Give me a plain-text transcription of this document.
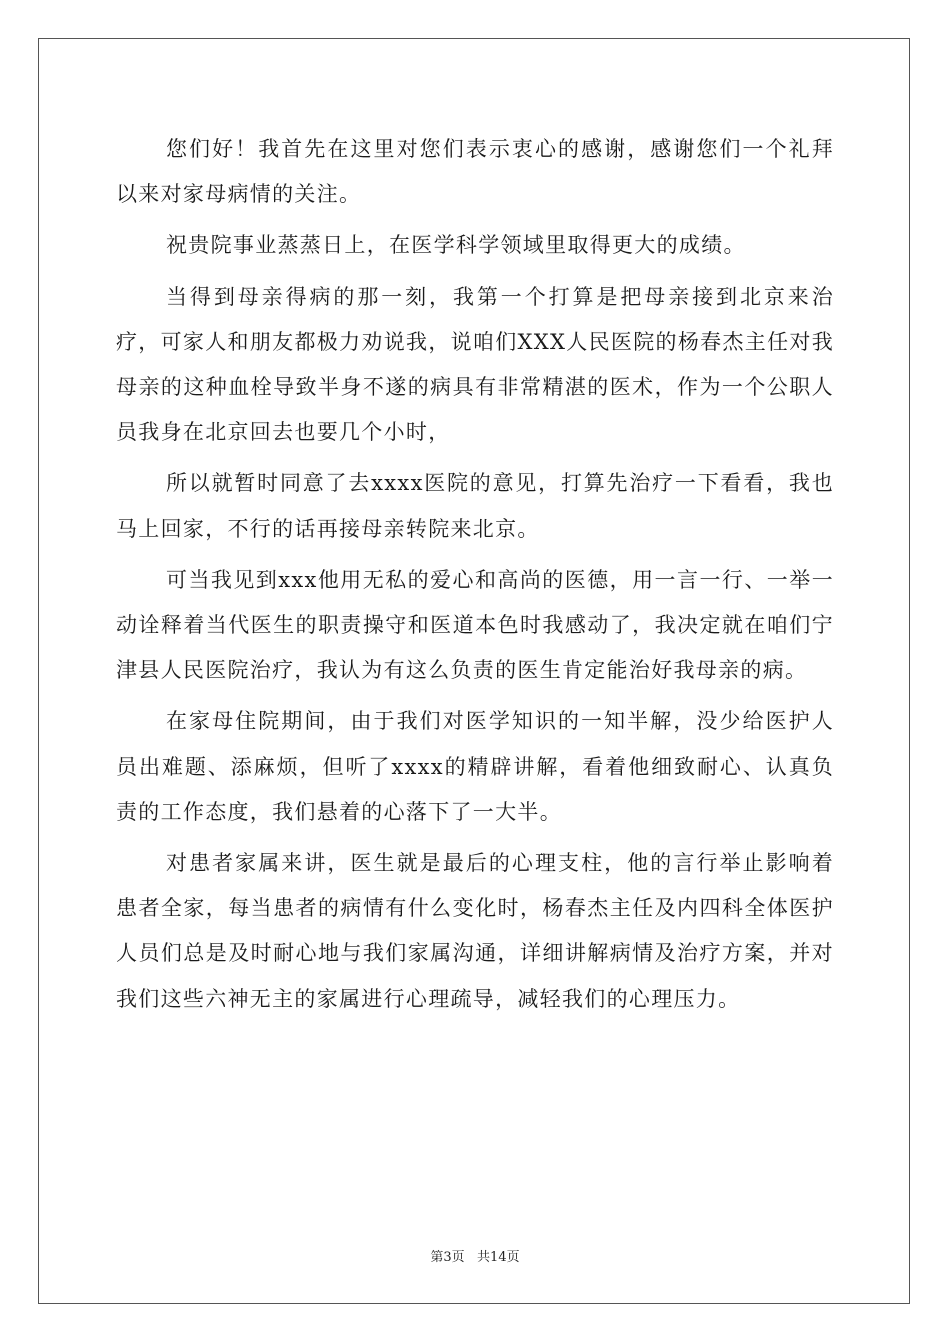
您们好！我首先在这里对您们表示衷心的感谢，感谢您们一个礼拜以来对家母病情的关注。

祝贵院事业蒸蒸日上，在医学科学领域里取得更大的成绩。

当得到母亲得病的那一刻，我第一个打算是把母亲接到北京来治疗，可家人和朋友都极力劝说我，说咱们XXX人民医院的杨春杰主任对我母亲的这种血栓导致半身不遂的病具有非常精湛的医术，作为一个公职人员我身在北京回去也要几个小时，

所以就暂时同意了去xxxx医院的意见，打算先治疗一下看看，我也马上回家，不行的话再接母亲转院来北京。

可当我见到xxx他用无私的爱心和高尚的医德，用一言一行、一举一动诠释着当代医生的职责操守和医道本色时我感动了，我决定就在咱们宁津县人民医院治疗，我认为有这么负责的医生肯定能治好我母亲的病。

在家母住院期间，由于我们对医学知识的一知半解，没少给医护人员出难题、添麻烦，但听了xxxx的精辟讲解，看着他细致耐心、认真负责的工作态度，我们悬着的心落下了一大半。

对患者家属来讲，医生就是最后的心理支柱，他的言行举止影响着患者全家，每当患者的病情有什么变化时，杨春杰主任及内四科全体医护人员们总是及时耐心地与我们家属沟通，详细讲解病情及治疗方案，并对我们这些六神无主的家属进行心理疏导，减轻我们的心理压力。

第3页   共14页
